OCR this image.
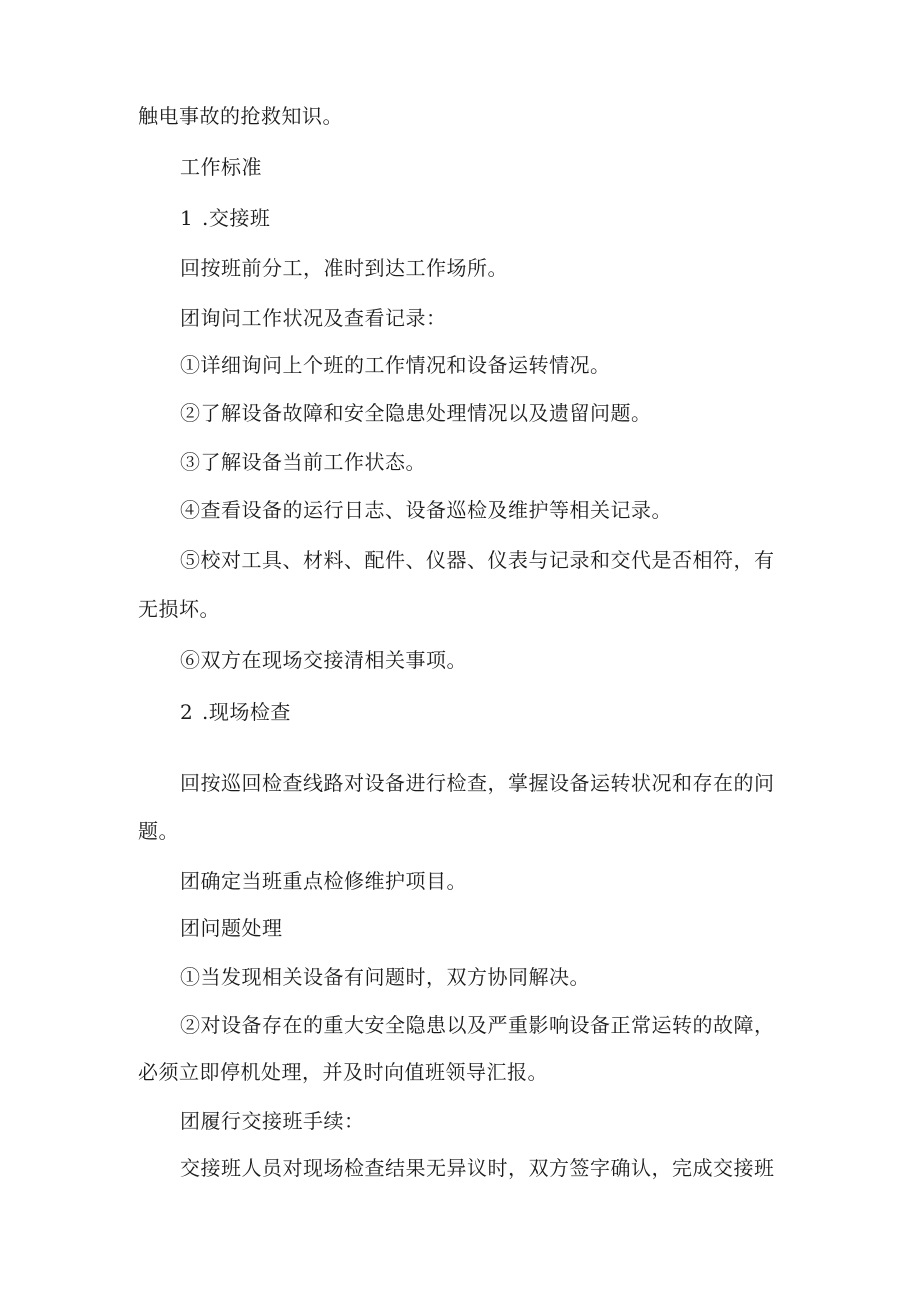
触电事故的抢救知识。
工作标准
1 .交接班
回按班前分工，准时到达工作场所。
团询问工作状况及查看记录：
①详细询问上个班的工作情况和设备运转情况。
②了解设备故障和安全隐患处理情况以及遗留问题。
③了解设备当前工作状态。
④查看设备的运行日志、设备巡检及维护等相关记录。
⑤校对工具、材料、配件、仪器、仪表与记录和交代是否相符，有
无损坏。
⑥双方在现场交接清相关事项。
2 .现场检查
回按巡回检查线路对设备进行检查，掌握设备运转状况和存在的问
题。
团确定当班重点检修维护项目。
团问题处理
①当发现相关设备有问题时，双方协同解决。
②对设备存在的重大安全隐患以及严重影响设备正常运转的故障，
必须立即停机处理，并及时向值班领导汇报。
团履行交接班手续：
交接班人员对现场检查结果无异议时，双方签字确认，完成交接班
